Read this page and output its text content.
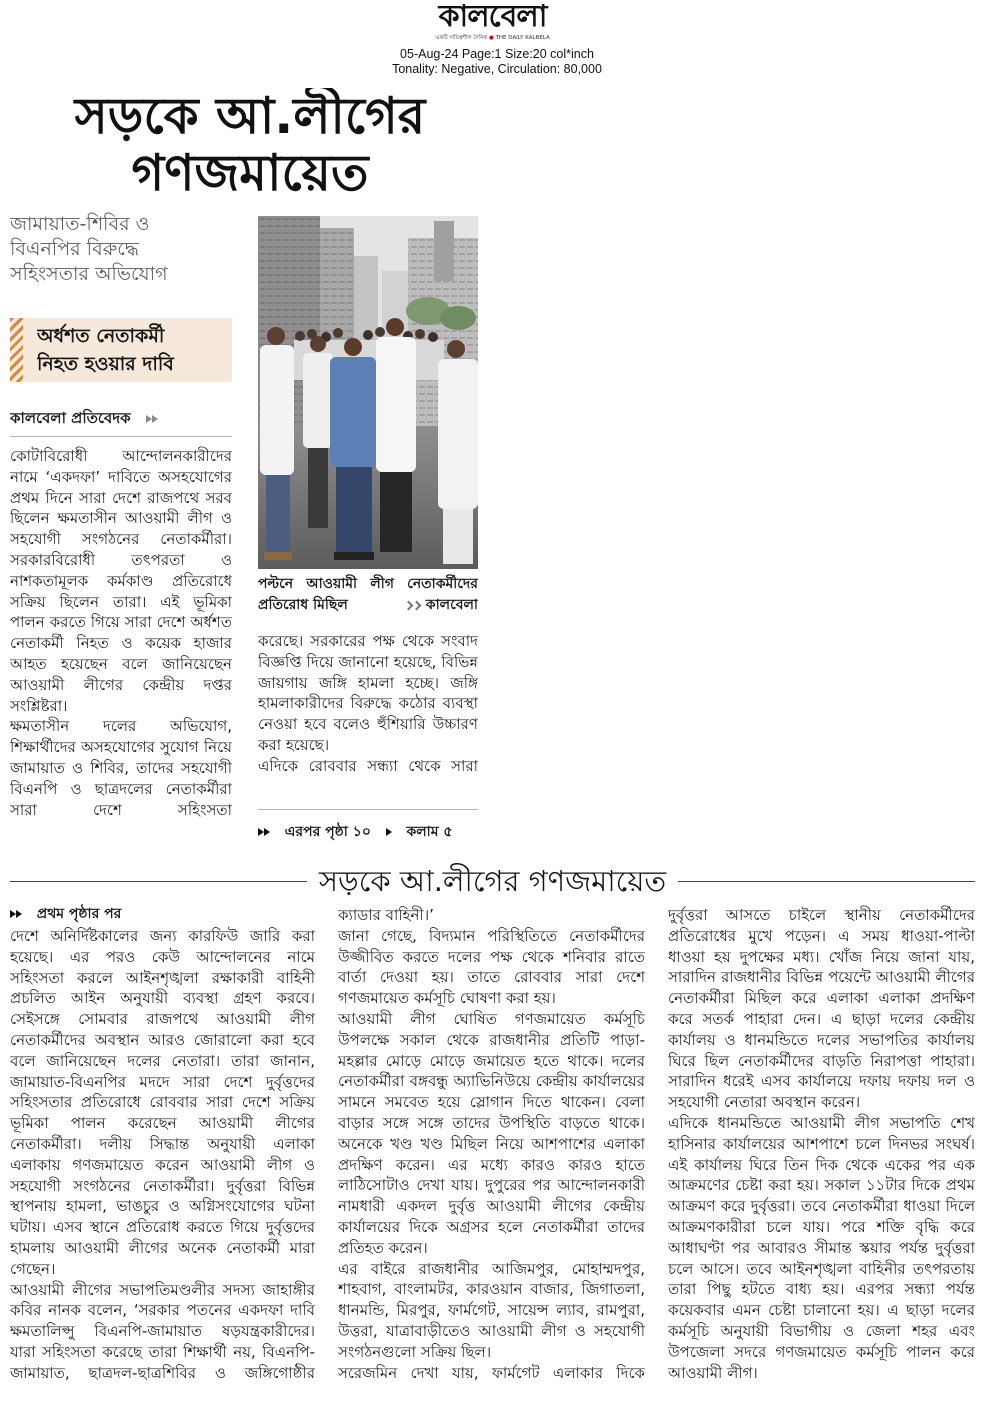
কালবেলা
একটি দায়িত্বশীল দৈনিক ● THE DAILY KALBELA
05-Aug-24 Page:1 Size:20 col*inch
Tonality: Negative, Circulation: 80,000
সড়কে আ.লীগের
গণজমায়েত
জামায়াত-শিবির ও
বিএনপির বিরুদ্ধে
সহিংসতার অভিযোগ
অর্ধশত নেতাকর্মী
নিহত হওয়ার দাবি
কালবেলা প্রতিবেদক

কোটাবিরোধী আন্দোলনকারীদের নামে ‘একদফা’ দাবিতে অসহযোগের প্রথম দিনে সারা দেশে রাজপথে সরব ছিলেন ক্ষমতাসীন আওয়ামী লীগ ও সহযোগী সংগঠনের নেতাকর্মীরা। সরকারবিরোধী তৎপরতা ও নাশকতামূলক কর্মকাণ্ড প্রতিরোধে সক্রিয় ছিলেন তারা। এই ভূমিকা পালন করতে গিয়ে সারা দেশে অর্ধশত নেতাকর্মী নিহত ও কয়েক হাজার আহত হয়েছেন বলে জানিয়েছেন আওয়ামী লীগের কেন্দ্রীয় দপ্তর সংশ্লিষ্টরা।

ক্ষমতাসীন দলের অভিযোগ, শিক্ষার্থীদের অসহযোগের সুযোগ নিয়ে জামায়াত ও শিবির, তাদের সহযোগী বিএনপি ও ছাত্রদলের নেতাকর্মীরা সারা দেশে সহিংসতা

পল্টনে আওয়ামী লীগ নেতাকর্মীদের প্রতিরোধ মিছিল	কালবেলা

করেছে। সরকারের পক্ষ থেকে সংবাদ বিজ্ঞপ্তি দিয়ে জানানো হয়েছে, বিভিন্ন জায়গায় জঙ্গি হামলা হচ্ছে। জঙ্গি হামলাকারীদের বিরুদ্ধে কঠোর ব্যবস্থা নেওয়া হবে বলেও হুঁশিয়ারি উচ্চারণ করা হয়েছে।

এদিকে রোববার সন্ধ্যা থেকে সারা

এরপর পৃষ্ঠা ১০	কলাম ৫
সড়কে আ.লীগের গণজমায়েত
প্রথম পৃষ্ঠার পর

দেশে অনির্দিষ্টকালের জন্য কারফিউ জারি করা হয়েছে। এর পরও কেউ আন্দোলনের নামে সহিংসতা করলে আইনশৃঙ্খলা রক্ষাকারী বাহিনী প্রচলিত আইন অনুযায়ী ব্যবস্থা গ্রহণ করবে। সেইসঙ্গে সোমবার রাজপথে আওয়ামী লীগ নেতাকর্মীদের অবস্থান আরও জোরালো করা হবে বলে জানিয়েছেন দলের নেতারা। তারা জানান, জামায়াত-বিএনপির মদদে সারা দেশে দুর্বৃত্তদের সহিংসতার প্রতিরোধে রোববার সারা দেশে সক্রিয় ভূমিকা পালন করেছেন আওয়ামী লীগের নেতাকর্মীরা। দলীয় সিদ্ধান্ত অনুযায়ী এলাকা এলাকায় গণজমায়েত করেন আওয়ামী লীগ ও সহযোগী সংগঠনের নেতাকর্মীরা। দুর্বৃত্তরা বিভিন্ন স্থাপনায় হামলা, ভাঙচুর ও অগ্নিসংযোগের ঘটনা ঘটায়। এসব স্থানে প্রতিরোধ করতে গিয়ে দুর্বৃত্তদের হামলায় আওয়ামী লীগের অনেক নেতাকর্মী মারা গেছেন।

আওয়ামী লীগের সভাপতিমণ্ডলীর সদস্য জাহাঙ্গীর কবির নানক বলেন, ‘সরকার পতনের একদফা দাবি ক্ষমতালিপ্সু বিএনপি-জামায়াত ষড়যন্ত্রকারীদের। যারা সহিংসতা করেছে তারা শিক্ষার্থী নয়, বিএনপি-জামায়াত, ছাত্রদল-ছাত্রশিবির ও জঙ্গিগোষ্ঠীর

ক্যাডার বাহিনী।’

জানা গেছে, বিদ্যমান পরিস্থিতিতে নেতাকর্মীদের উজ্জীবিত করতে দলের পক্ষ থেকে শনিবার রাতে বার্তা দেওয়া হয়। তাতে রোববার সারা দেশে গণজমায়েত কর্মসূচি ঘোষণা করা হয়।

আওয়ামী লীগ ঘোষিত গণজমায়েত কর্মসূচি উপলক্ষে সকাল থেকে রাজধানীর প্রতিটি পাড়া-মহল্লার মোড়ে মোড়ে জমায়েত হতে থাকে। দলের নেতাকর্মীরা বঙ্গবন্ধু অ্যাভিনিউয়ে কেন্দ্রীয় কার্যালয়ের সামনে সমবেত হয়ে স্লোগান দিতে থাকেন। বেলা বাড়ার সঙ্গে সঙ্গে তাদের উপস্থিতি বাড়তে থাকে। অনেকে খণ্ড খণ্ড মিছিল নিয়ে আশপাশের এলাকা প্রদক্ষিণ করেন। এর মধ্যে কারও কারও হাতে লাঠিসোটাও দেখা যায়। দুপুরের পর আন্দোলনকারী নামধারী একদল দুর্বৃত্ত আওয়ামী লীগের কেন্দ্রীয় কার্যালয়ের দিকে অগ্রসর হলে নেতাকর্মীরা তাদের প্রতিহত করেন।

এর বাইরে রাজধানীর আজিমপুর, মোহাম্মদপুর, শাহবাগ, বাংলামটর, কারওয়ান বাজার, জিগাতলা, ধানমন্ডি, মিরপুর, ফার্মগেট, সায়েন্স ল্যাব, রামপুরা, উত্তরা, যাত্রাবাড়ীতেও আওয়ামী লীগ ও সহযোগী সংগঠনগুলো সক্রিয় ছিল।

সরেজমিন দেখা যায়, ফার্মগেট এলাকার দিকে

দুর্বৃত্তরা আসতে চাইলে স্থানীয় নেতাকর্মীদের প্রতিরোধের মুখে পড়েন। এ সময় ধাওয়া-পাল্টা ধাওয়া হয় দুপক্ষের মধ্য। খোঁজ নিয়ে জানা যায়, সারাদিন রাজধানীর বিভিন্ন পয়েন্টে আওয়ামী লীগের নেতাকর্মীরা মিছিল করে এলাকা এলাকা প্রদক্ষিণ করে সতর্ক পাহারা দেন। এ ছাড়া দলের কেন্দ্রীয় কার্যালয় ও ধানমন্ডিতে দলের সভাপতির কার্যালয় ঘিরে ছিল নেতাকর্মীদের বাড়তি নিরাপত্তা পাহারা। সারাদিন ধরেই এসব কার্যালয়ে দফায় দফায় দল ও সহযোগী নেতারা অবস্থান করেন।

এদিকে ধানমন্ডিতে আওয়ামী লীগ সভাপতি শেখ হাসিনার কার্যালয়ের আশপাশে চলে দিনভর সংঘর্ষ। এই কার্যালয় ঘিরে তিন দিক থেকে একের পর এক আক্রমণের চেষ্টা করা হয়। সকাল ১১টার দিকে প্রথম আক্রমণ করে দুর্বৃত্তরা। তবে নেতাকর্মীরা ধাওয়া দিলে আক্রমণকারীরা চলে যায়। পরে শক্তি বৃদ্ধি করে আধাঘণ্টা পর আবারও সীমান্ত স্কয়ার পর্যন্ত দুর্বৃত্তরা চলে আসে। তবে আইনশৃঙ্খলা বাহিনীর তৎপরতায় তারা পিছু হটতে বাধ্য হয়। এরপর সন্ধ্যা পর্যন্ত কয়েকবার এমন চেষ্টা চালানো হয়। এ ছাড়া দলের কর্মসূচি অনুযায়ী বিভাগীয় ও জেলা শহর এবং উপজেলা সদরে গণজমায়েত কর্মসূচি পালন করে আওয়ামী লীগ।
